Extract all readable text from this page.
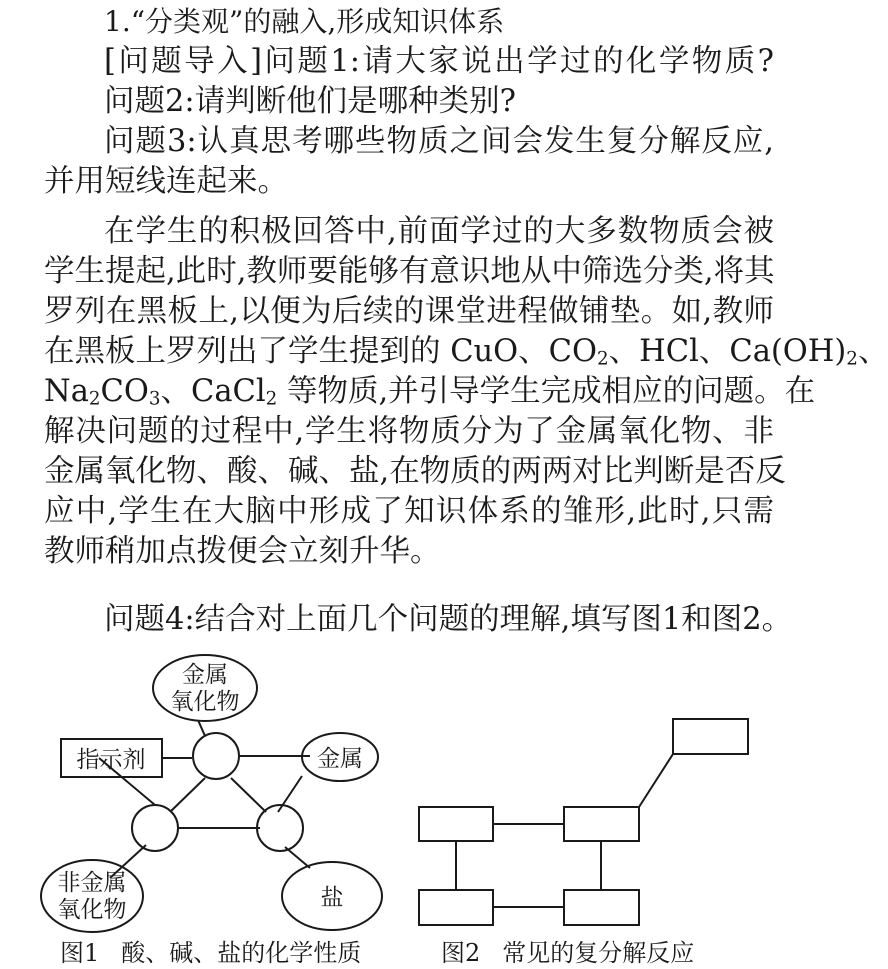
1.“分类观”的融入,形成知识体系

[问题导入]问题1:请大家说出学过的化学物质?

问题2:请判断他们是哪种类别?

问题3:认真思考哪些物质之间会发生复分解反应,

并用短线连起来。

在学生的积极回答中,前面学过的大多数物质会被

学生提起,此时,教师要能够有意识地从中筛选分类,将其

罗列在黑板上,以便为后续的课堂进程做铺垫。如,教师

在黑板上罗列出了学生提到的 CuO、$CO_2$、HCl、$Ca(OH)_2$、

$Na_2CO_3$、CaCl$_2$ 等物质,并引导学生完成相应的问题。在

解决问题的过程中,学生将物质分为了金属氧化物、非

金属氧化物、酸、碱、盐,在物质的两两对比判断是否反

应中,学生在大脑中形成了知识体系的雏形,此时,只需

教师稍加点拨便会立刻升华。

问题4:结合对上面几个问题的理解,填写图1和图2。

金属
氧化物
指示剂	金属
非金属
氧化物	盐

图1 酸、碱、盐的化学性质	图2 常见的复分解反应
